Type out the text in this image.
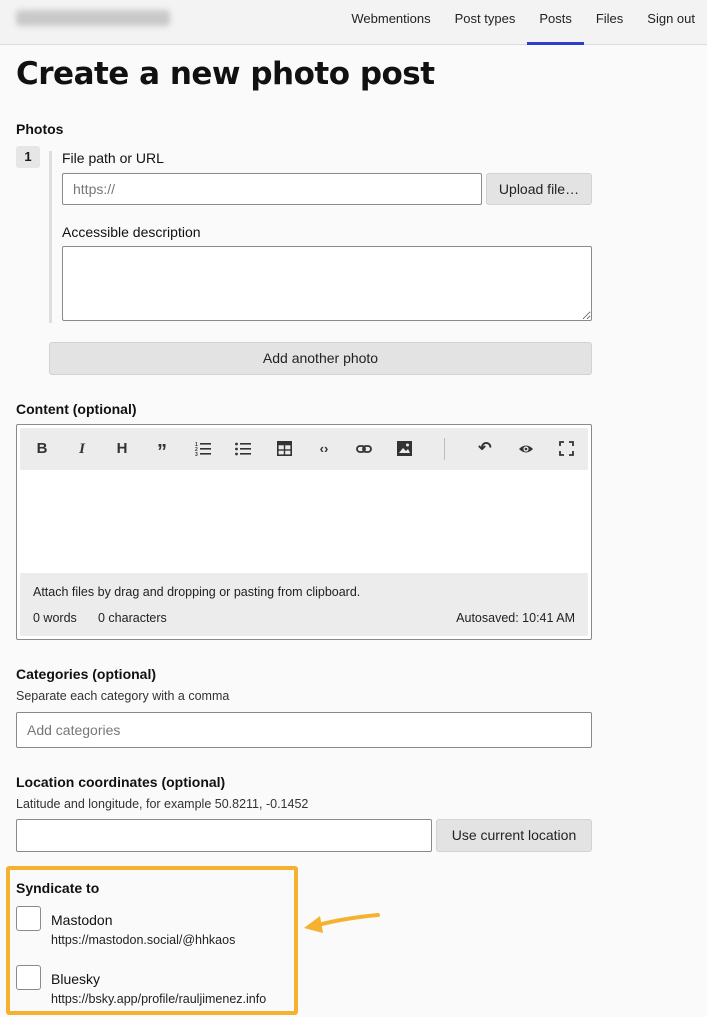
Webmentions	Post types	Posts	Files	Sign out
Create a new photo post
Photos
1	File path or URL
https://
Upload file…
Accessible description
Add another photo
Content (optional)
B	I	H ”	1
2
3	‹›	↶
Attach files by drag and dropping or pasting from clipboard.
0 words 0 characters	Autosaved: 10:41 AM
Categories (optional)
Separate each category with a comma
Add categories
Location coordinates (optional)
Latitude and longitude, for example 50.8211, -0.1452
Use current location
Syndicate to
Mastodon
https://mastodon.social/@hhkaos
Bluesky
https://bsky.app/profile/rauljimenez.info
